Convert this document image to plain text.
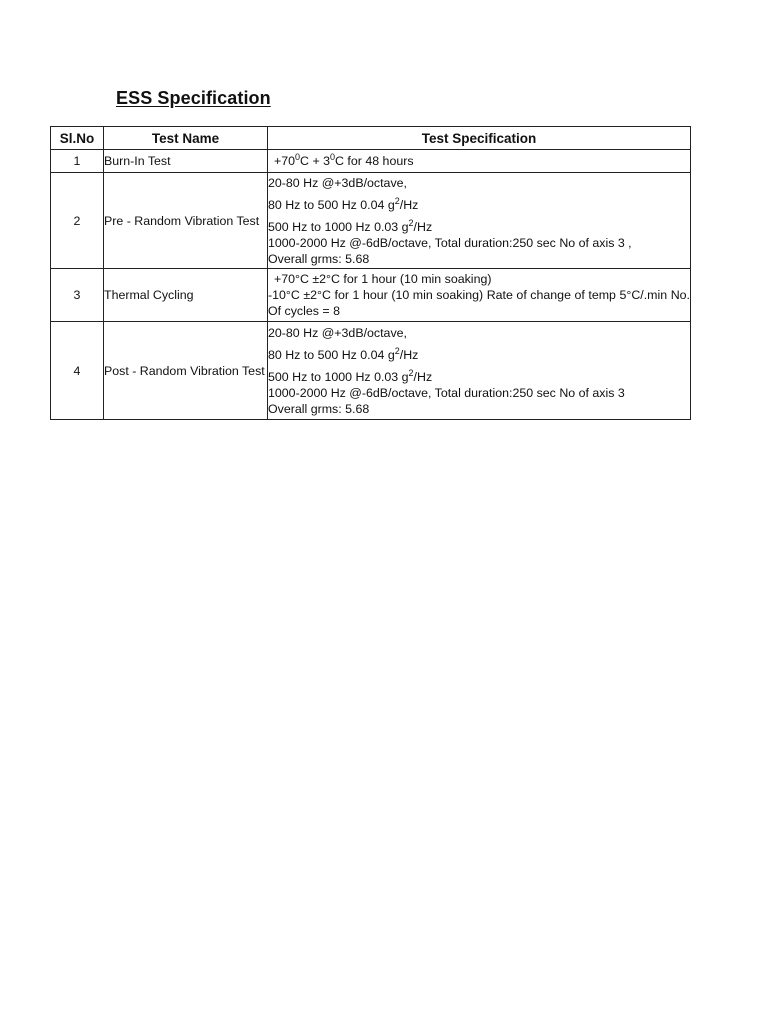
ESS Specification
Sl.No	Test Name	Test Specification
1	Burn-In Test	$+70^0C + 3^0C$ for 48 hours

2	Pre - Random Vibration Test	20-80 Hz @+3dB/octave,
80 Hz to 500 Hz 0.04 $g^2/Hz$
500 Hz to 1000 Hz 0.03 $g^2/Hz$
1000-2000 Hz @-6dB/octave, Total duration:250 sec No of axis 3 ,
Overall grms: 5.68

3	Thermal Cycling	+70°C ±2°C for 1 hour (10 min soaking)
-10°C ±2°C for 1 hour (10 min soaking) Rate of change of temp 5°C/.min No. Of cycles = 8

4	Post - Random Vibration Test	20-80 Hz @+3dB/octave,
80 Hz to 500 Hz 0.04 $g^2/Hz$
500 Hz to 1000 Hz 0.03 $g^2/Hz$
1000-2000 Hz @-6dB/octave, Total duration:250 sec No of axis 3
Overall grms: 5.68
